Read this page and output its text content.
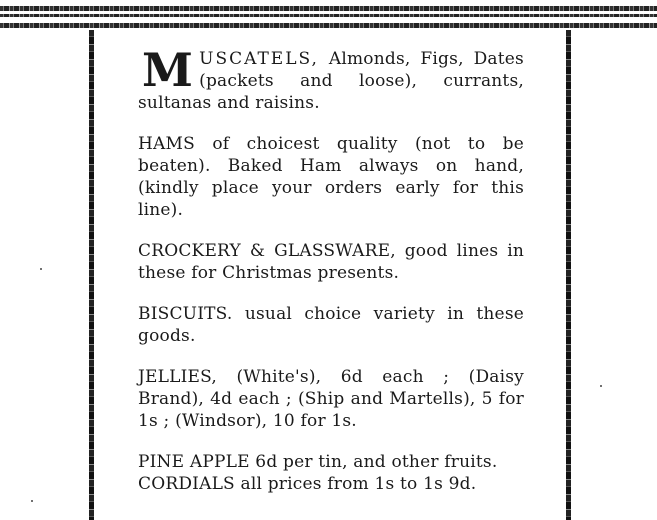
MUSCATELS, Almonds, Figs, Dates (packets and loose), currants, sultanas and raisins.

HAMS of choicest quality (not to be beaten). Baked Ham always on hand, (kindly place your orders early for this line).

CROCKERY & GLASSWARE, good lines in these for Christmas presents.

BISCUITS. usual choice variety in these goods.

JELLIES, (White's), 6d each ; (Daisy Brand), 4d each ; (Ship and Martells), 5 for 1s ; (Windsor), 10 for 1s.

PINE APPLE 6d per tin, and other fruits.

CORDIALS all prices from 1s to 1s 9d.
